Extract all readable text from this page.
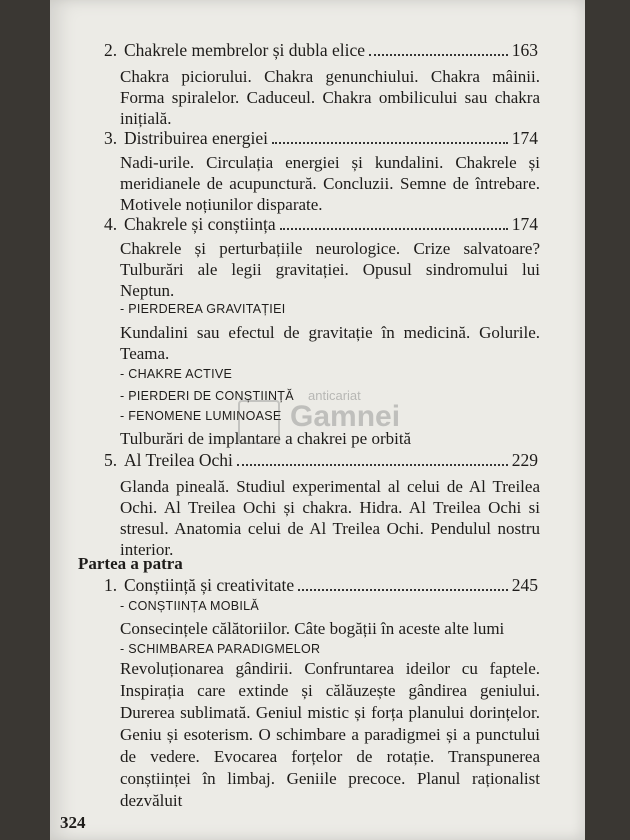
2. Chakrele membrelor și dubla elice	163
Chakra piciorului. Chakra genunchiului. Chakra mâinii. Forma spiralelor. Caduceul. Chakra ombilicului sau chakra inițială.
3. Distribuirea energiei	174
Nadi-urile. Circulația energiei și kundalini. Chakrele și meridianele de acupunctură. Concluzii. Semne de întrebare. Motivele noțiunilor disparate.
4. Chakrele și conștiința	174
Chakrele și perturbațiile neurologice. Crize salvatoare? Tulburări ale legii gravitației. Opusul sindromului lui Neptun.
- PIERDEREA GRAVITAȚIEI
Kundalini sau efectul de gravitație în medicină. Golurile. Teama.
- CHAKRE ACTIVE
- PIERDERI DE CONȘTIINȚĂ
- FENOMENE LUMINOASE
Tulburări de implantare a chakrei pe orbită
anticariat
Gamnei
5. Al Treilea Ochi	229
Glanda pineală. Studiul experimental al celui de Al Treilea Ochi. Al Treilea Ochi și chakra. Hidra. Al Treilea Ochi si stresul. Anatomia celui de Al Treilea Ochi. Pendulul nostru interior.
Partea a patra
1. Conștiință și creativitate	245
- CONȘTIINȚA MOBILĂ
Consecințele călătoriilor. Câte bogății în aceste alte lumi
- SCHIMBAREA PARADIGMELOR
Revoluționarea gândirii. Confruntarea ideilor cu faptele. Inspirația care extinde și călăuzește gândirea geniului. Durerea sublimată. Geniul mistic și forța planului dorințelor. Geniu și esoterism. O schimbare a paradigmei și a punctului de vedere. Evocarea forțelor de rotație. Transpunerea conștiinței în limbaj. Geniile precoce. Planul raționalist dezvăluit
324
